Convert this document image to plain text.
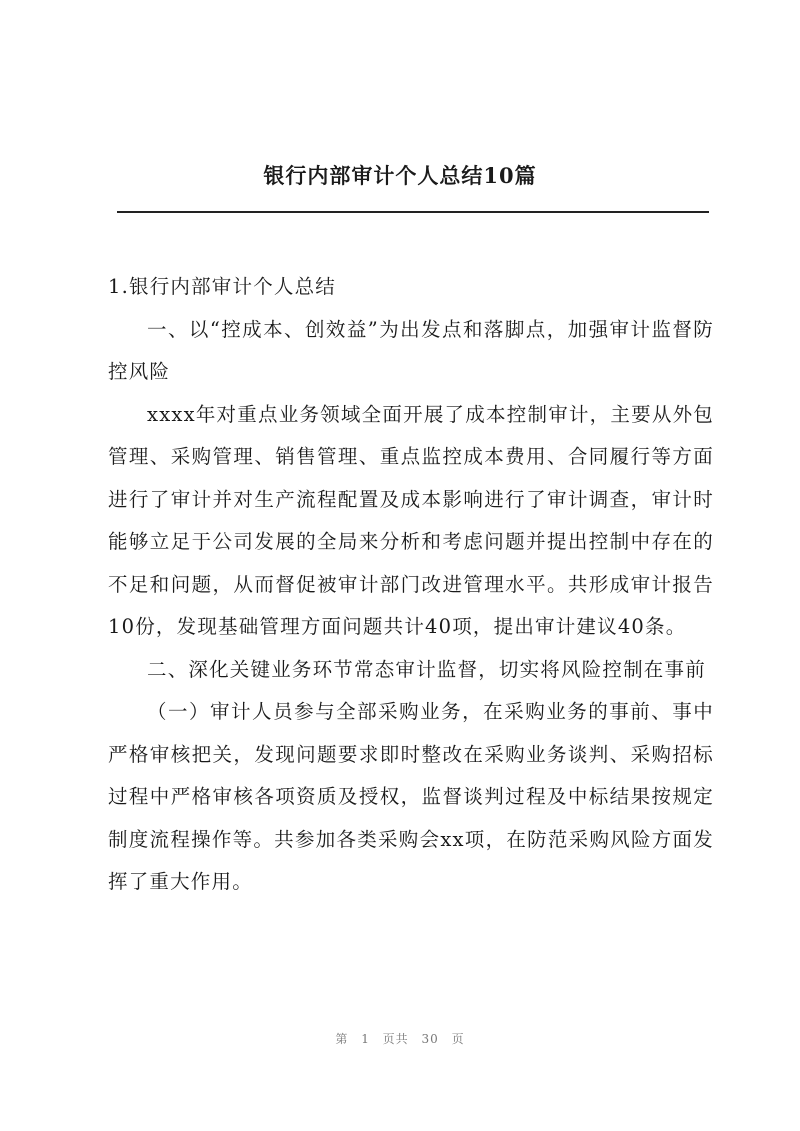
银行内部审计个人总结10篇

1.银行内部审计个人总结

一、以“控成本、创效益”为出发点和落脚点，加强审计监督防控风险

xxxx年对重点业务领域全面开展了成本控制审计，主要从外包管理、采购管理、销售管理、重点监控成本费用、合同履行等方面进行了审计并对生产流程配置及成本影响进行了审计调查，审计时能够立足于公司发展的全局来分析和考虑问题并提出控制中存在的不足和问题，从而督促被审计部门改进管理水平。共形成审计报告10份，发现基础管理方面问题共计40项，提出审计建议40条。

二、深化关键业务环节常态审计监督，切实将风险控制在事前

（一）审计人员参与全部采购业务，在采购业务的事前、事中严格审核把关，发现问题要求即时整改在采购业务谈判、采购招标过程中严格审核各项资质及授权，监督谈判过程及中标结果按规定制度流程操作等。共参加各类采购会xx项，在防范采购风险方面发挥了重大作用。

第 1 页共 30 页
